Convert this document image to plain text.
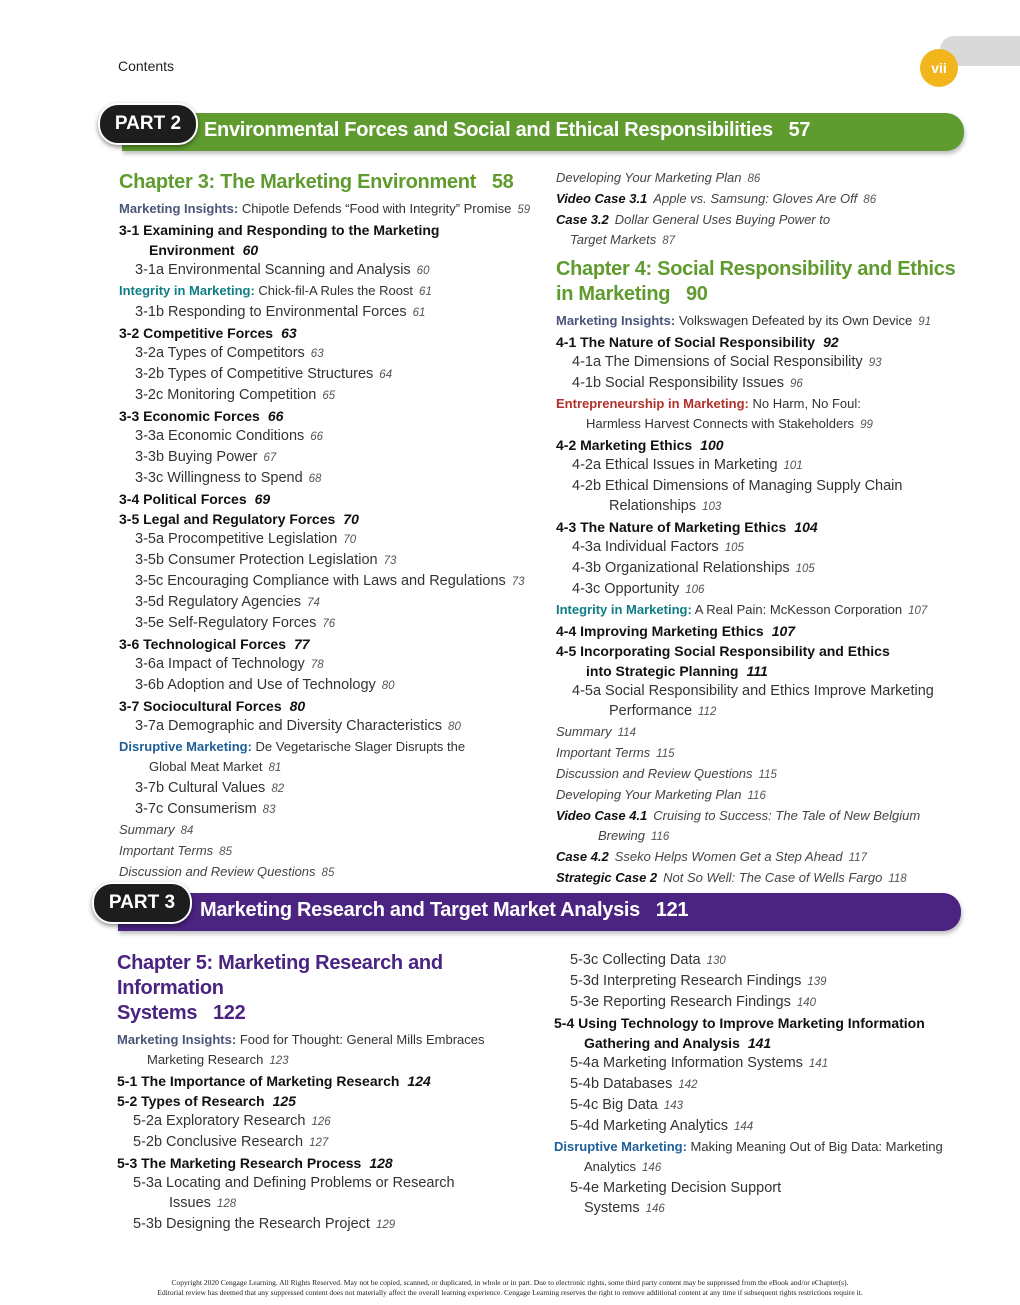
Contents	vii
Environmental Forces and Social and Ethical Responsibilities 57
PART 2
Chapter 3: The Marketing Environment 58
Marketing Insights: Chipotle Defends “Food with Integrity” Promise 59
3-1 Examining and Responding to the Marketing
Environment 60
3-1a Environmental Scanning and Analysis 60
Integrity in Marketing: Chick-fil-A Rules the Roost 61
3-1b Responding to Environmental Forces 61
3-2 Competitive Forces 63
3-2a Types of Competitors 63
3-2b Types of Competitive Structures 64
3-2c Monitoring Competition 65
3-3 Economic Forces 66
3-3a Economic Conditions 66
3-3b Buying Power 67
3-3c Willingness to Spend 68
3-4 Political Forces 69
3-5 Legal and Regulatory Forces 70
3-5a Procompetitive Legislation 70
3-5b Consumer Protection Legislation 73
3-5c Encouraging Compliance with Laws and Regulations 73
3-5d Regulatory Agencies 74
3-5e Self-Regulatory Forces 76
3-6 Technological Forces 77
3-6a Impact of Technology 78
3-6b Adoption and Use of Technology 80
3-7 Sociocultural Forces 80
3-7a Demographic and Diversity Characteristics 80
Disruptive Marketing: De Vegetarische Slager Disrupts the
Global Meat Market 81
3-7b Cultural Values 82
3-7c Consumerism 83
Summary 84
Important Terms 85
Discussion and Review Questions 85
Developing Your Marketing Plan 86
Video Case 3.1 Apple vs. Samsung: Gloves Are Off 86
Case 3.2 Dollar General Uses Buying Power to
Target Markets 87
Chapter 4: Social Responsibility and Ethics
in Marketing 90
Marketing Insights: Volkswagen Defeated by its Own Device 91
4-1 The Nature of Social Responsibility 92
4-1a The Dimensions of Social Responsibility 93
4-1b Social Responsibility Issues 96
Entrepreneurship in Marketing: No Harm, No Foul:
Harmless Harvest Connects with Stakeholders 99
4-2 Marketing Ethics 100
4-2a Ethical Issues in Marketing 101
4-2b Ethical Dimensions of Managing Supply Chain
Relationships 103
4-3 The Nature of Marketing Ethics 104
4-3a Individual Factors 105
4-3b Organizational Relationships 105
4-3c Opportunity 106
Integrity in Marketing: A Real Pain: McKesson Corporation 107
4-4 Improving Marketing Ethics 107
4-5 Incorporating Social Responsibility and Ethics
into Strategic Planning 111
4-5a Social Responsibility and Ethics Improve Marketing
Performance 112
Summary 114
Important Terms 115
Discussion and Review Questions 115
Developing Your Marketing Plan 116
Video Case 4.1 Cruising to Success: The Tale of New Belgium
Brewing 116
Case 4.2 Sseko Helps Women Get a Step Ahead 117
Strategic Case 2 Not So Well: The Case of Wells Fargo 118
Marketing Research and Target Market Analysis 121
PART 3
Chapter 5: Marketing Research and Information
Systems 122
Marketing Insights: Food for Thought: General Mills Embraces
Marketing Research 123
5-1 The Importance of Marketing Research 124
5-2 Types of Research 125
5-2a Exploratory Research 126
5-2b Conclusive Research 127
5-3 The Marketing Research Process 128
5-3a Locating and Defining Problems or Research
Issues 128
5-3b Designing the Research Project 129
5-3c Collecting Data 130
5-3d Interpreting Research Findings 139
5-3e Reporting Research Findings 140
5-4 Using Technology to Improve Marketing Information
Gathering and Analysis 141
5-4a Marketing Information Systems 141
5-4b Databases 142
5-4c Big Data 143
5-4d Marketing Analytics 144
Disruptive Marketing: Making Meaning Out of Big Data: Marketing
Analytics 146
5-4e Marketing Decision Support
Systems 146
Copyright 2020 Cengage Learning. All Rights Reserved. May not be copied, scanned, or duplicated, in whole or in part. Due to electronic rights, some third party content may be suppressed from the eBook and/or eChapter(s).
Editorial review has deemed that any suppressed content does not materially affect the overall learning experience. Cengage Learning reserves the right to remove additional content at any time if subsequent rights restrictions require it.
